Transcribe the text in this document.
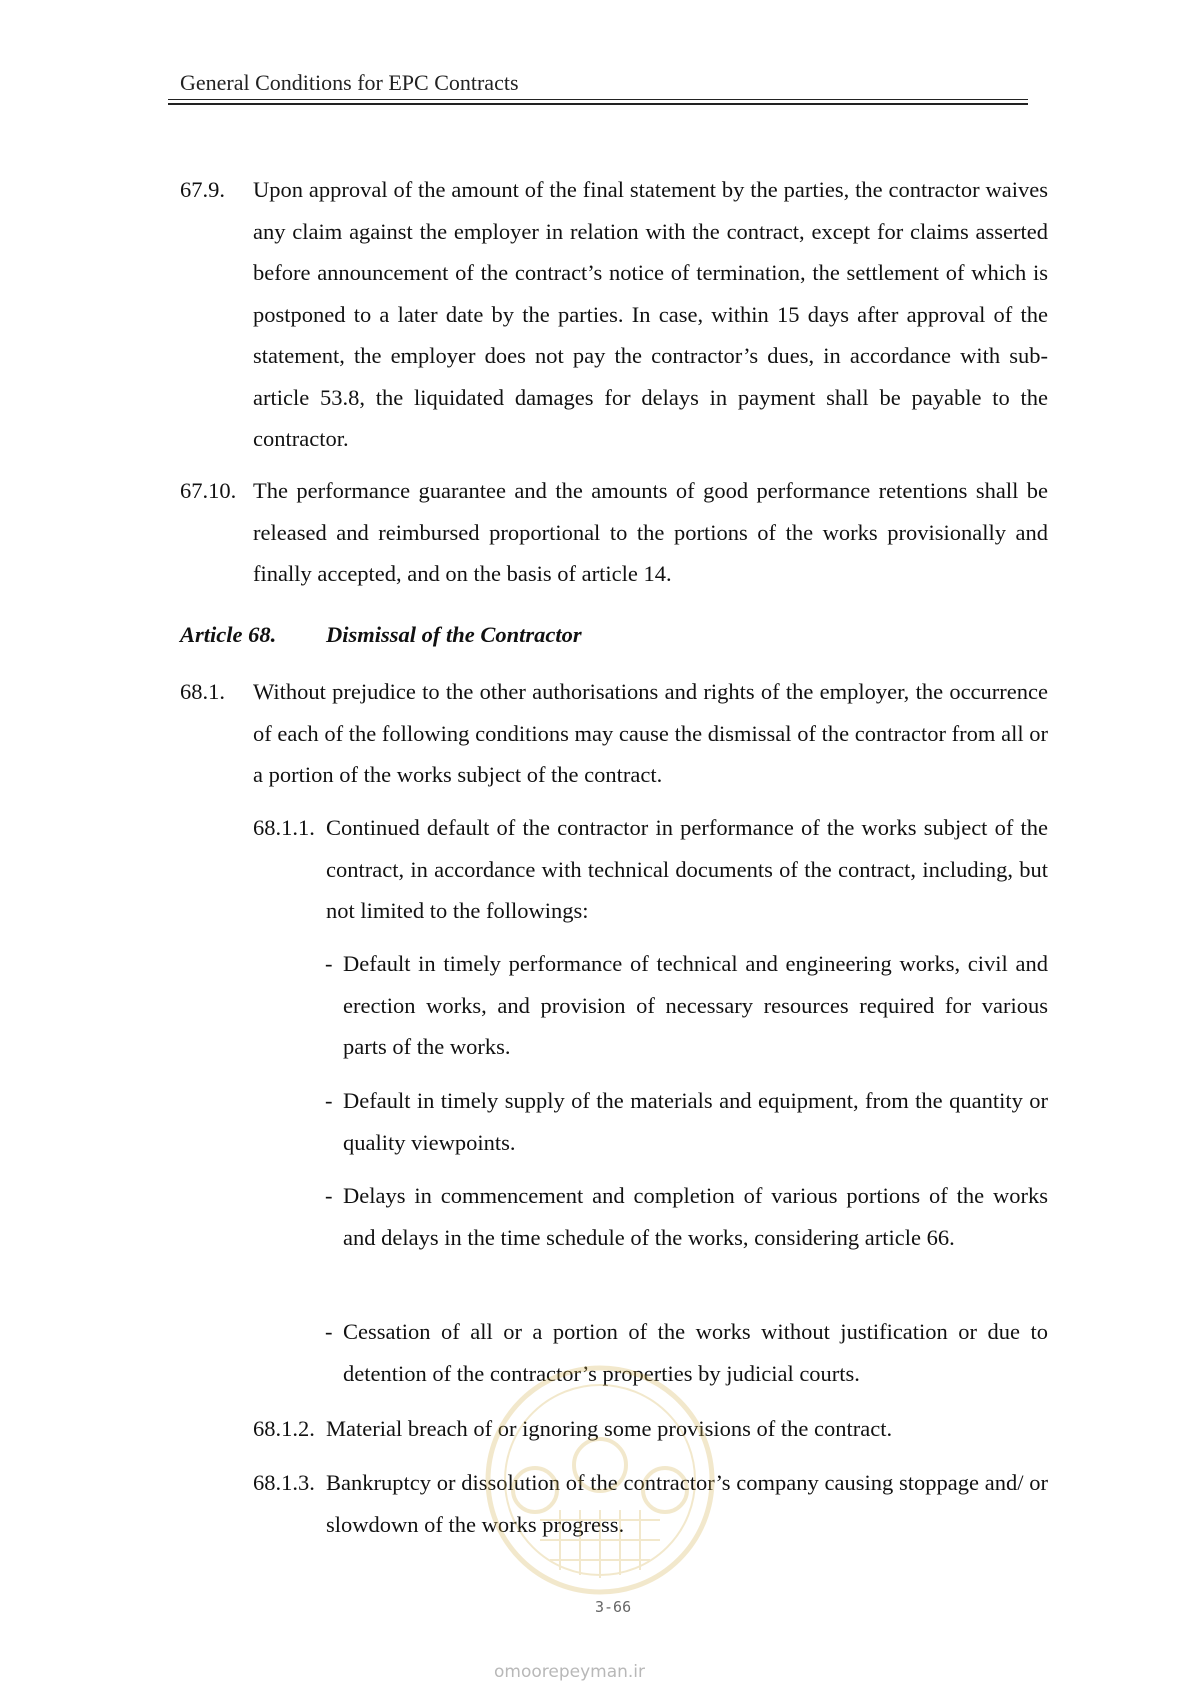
General Conditions for EPC Contracts
67.9. Upon approval of the amount of the final statement by the parties, the contractor waives any claim against the employer in relation with the contract, except for claims asserted before announcement of the contract’s notice of termination, the settlement of which is postponed to a later date by the parties. In case, within 15 days after approval of the statement, the employer does not pay the contractor’s dues, in accordance with sub-article 53.8, the liquidated damages for delays in payment shall be payable to the contractor.
67.10. The performance guarantee and the amounts of good performance retentions shall be released and reimbursed proportional to the portions of the works provisionally and finally accepted, and on the basis of article 14.
Article 68. Dismissal of the Contractor
68.1. Without prejudice to the other authorisations and rights of the employer, the occurrence of each of the following conditions may cause the dismissal of the contractor from all or a portion of the works subject of the contract.
68.1.1. Continued default of the contractor in performance of the works subject of the contract, in accordance with technical documents of the contract, including, but not limited to the followings:
- Default in timely performance of technical and engineering works, civil and erection works, and provision of necessary resources required for various parts of the works.
- Default in timely supply of the materials and equipment, from the quantity or quality viewpoints.
- Delays in commencement and completion of various portions of the works and delays in the time schedule of the works, considering article 66.
- Cessation of all or a portion of the works without justification or due to detention of the contractor’s properties by judicial courts.
68.1.2. Material breach of or ignoring some provisions of the contract.
68.1.3. Bankruptcy or dissolution of the contractor’s company causing stoppage and/ or slowdown of the works progress.
3-66
omoorepeyman.ir
